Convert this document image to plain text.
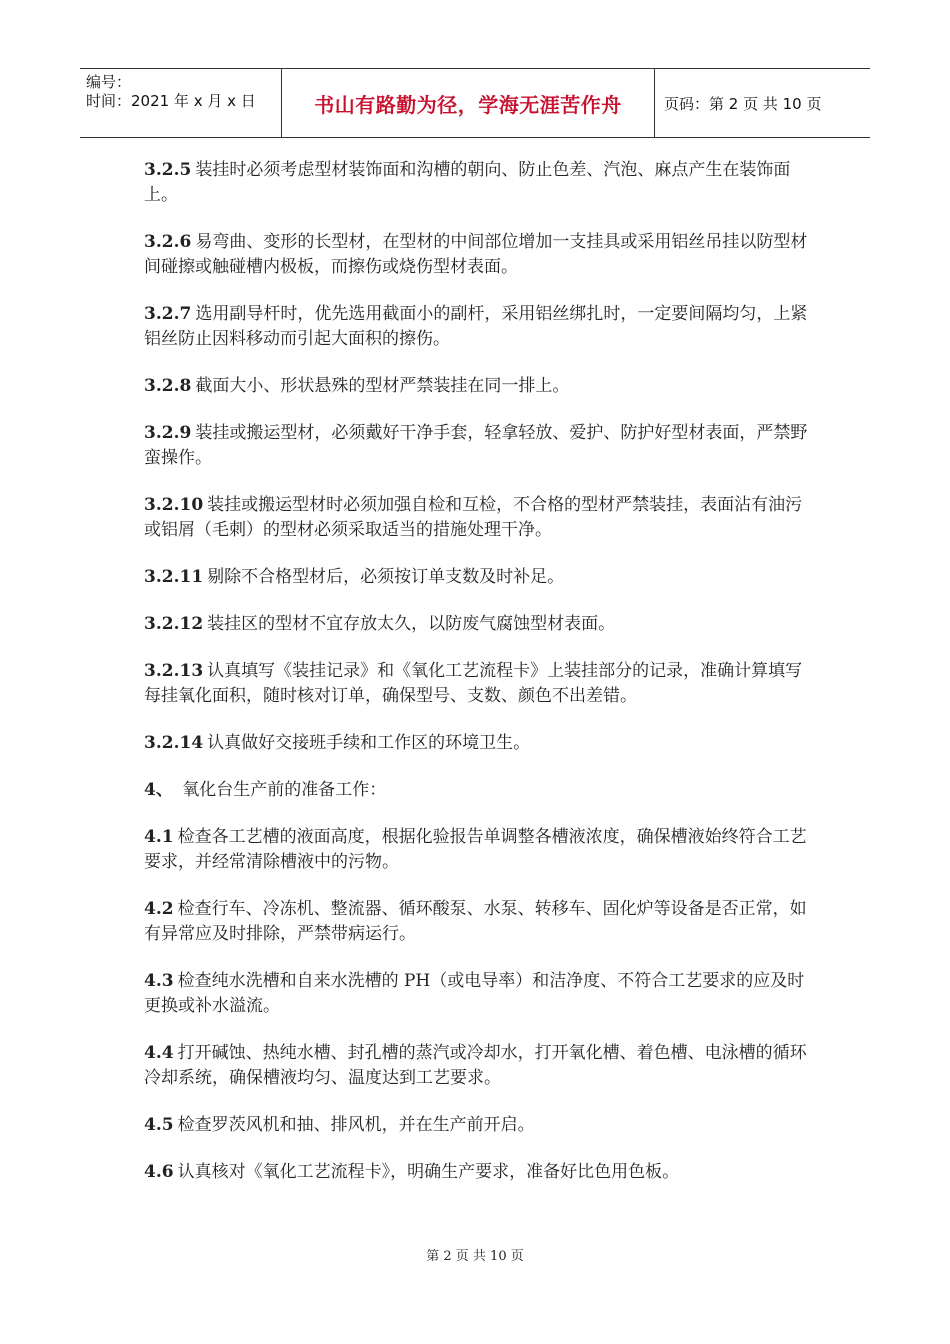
编号：
时间：2021 年 x 月 x 日	书山有路勤为径，学海无涯苦作舟	页码：第 2 页 共 10 页

3.2.5 装挂时必须考虑型材装饰面和沟槽的朝向、防止色差、汽泡、麻点产生在装饰面上。

3.2.6 易弯曲、变形的长型材，在型材的中间部位增加一支挂具或采用铝丝吊挂以防型材间碰擦或触碰槽内极板，而擦伤或烧伤型材表面。

3.2.7 选用副导杆时，优先选用截面小的副杆，采用铝丝绑扎时，一定要间隔均匀，上紧铝丝防止因料移动而引起大面积的擦伤。

3.2.8 截面大小、形状悬殊的型材严禁装挂在同一排上。

3.2.9 装挂或搬运型材，必须戴好干净手套，轻拿轻放、爱护、防护好型材表面，严禁野蛮操作。

3.2.10 装挂或搬运型材时必须加强自检和互检，不合格的型材严禁装挂，表面沾有油污或铝屑（毛刺）的型材必须采取适当的措施处理干净。

3.2.11 剔除不合格型材后，必须按订单支数及时补足。

3.2.12 装挂区的型材不宜存放太久，以防废气腐蚀型材表面。

3.2.13 认真填写《装挂记录》和《氧化工艺流程卡》上装挂部分的记录，准确计算填写每挂氧化面积，随时核对订单，确保型号、支数、颜色不出差错。

3.2.14 认真做好交接班手续和工作区的环境卫生。

4、 氧化台生产前的准备工作：

4.1 检查各工艺槽的液面高度，根据化验报告单调整各槽液浓度，确保槽液始终符合工艺要求，并经常清除槽液中的污物。

4.2 检查行车、冷冻机、整流器、循环酸泵、水泵、转移车、固化炉等设备是否正常，如有异常应及时排除，严禁带病运行。

4.3 检查纯水洗槽和自来水洗槽的 PH（或电导率）和洁净度、不符合工艺要求的应及时更换或补水溢流。

4.4 打开碱蚀、热纯水槽、封孔槽的蒸汽或冷却水，打开氧化槽、着色槽、电泳槽的循环冷却系统，确保槽液均匀、温度达到工艺要求。

4.5 检查罗茨风机和抽、排风机，并在生产前开启。

4.6 认真核对《氧化工艺流程卡》，明确生产要求，准备好比色用色板。

第 2 页 共 10 页
